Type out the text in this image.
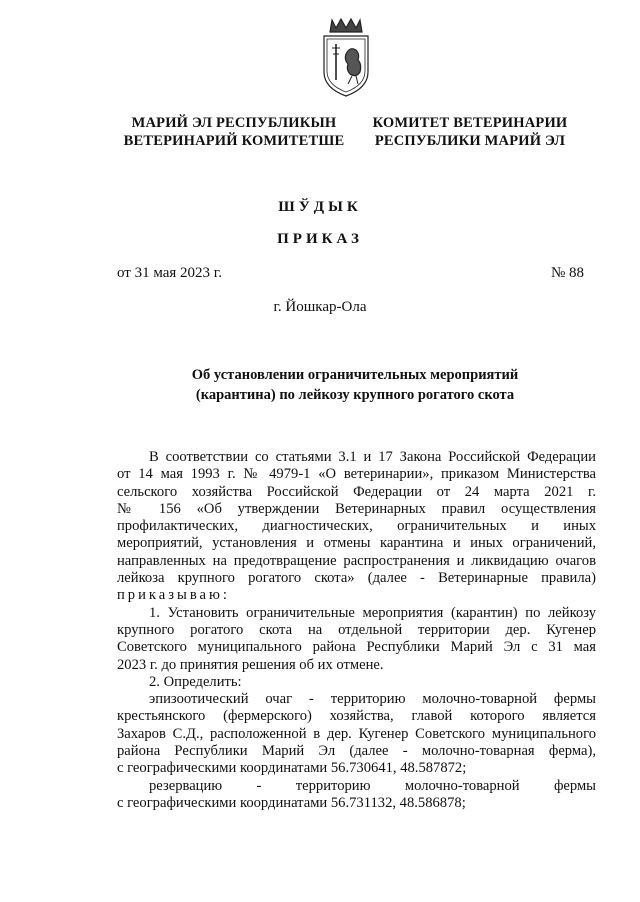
МАРИЙ ЭЛ РЕСПУБЛИКЫН
ВЕТЕРИНАРИЙ КОМИТЕТШЕ
КОМИТЕТ ВЕТЕРИНАРИИ
РЕСПУБЛИКИ МАРИЙ ЭЛ
ШЎДЫК
ПРИКАЗ
от 31 мая 2023 г.	№ 88
г. Йошкар-Ола
Об установлении ограничительных мероприятий
(карантина) по лейкозу крупного рогатого скота
В соответствии со статьями 3.1 и 17 Закона Российской Федерации
от 14 мая 1993 г. № 4979-1 «О ветеринарии», приказом Министерства
сельского хозяйства Российской Федерации от 24 марта 2021 г.
№ 156 «Об утверждении Ветеринарных правил осуществления
профилактических, диагностических, ограничительных и иных
мероприятий, установления и отмены карантина и иных ограничений,
направленных на предотвращение распространения и ликвидацию очагов
лейкоза крупного рогатого скота» (далее - Ветеринарные правила)
приказываю:
1. Установить ограничительные мероприятия (карантин) по лейкозу
крупного рогатого скота на отдельной территории дер. Кугенер
Советского муниципального района Республики Марий Эл с 31 мая
2023 г. до принятия решения об их отмене.
2. Определить:
эпизоотический очаг - территорию молочно-товарной фермы
крестьянского (фермерского) хозяйства, главой которого является
Захаров С.Д., расположенной в дер. Кугенер Советского муниципального
района Республики Марий Эл (далее - молочно-товарная ферма),
с географическими координатами 56.730641, 48.587872;
резервацию - территорию молочно-товарной фермы
с географическими координатами 56.731132, 48.586878;
